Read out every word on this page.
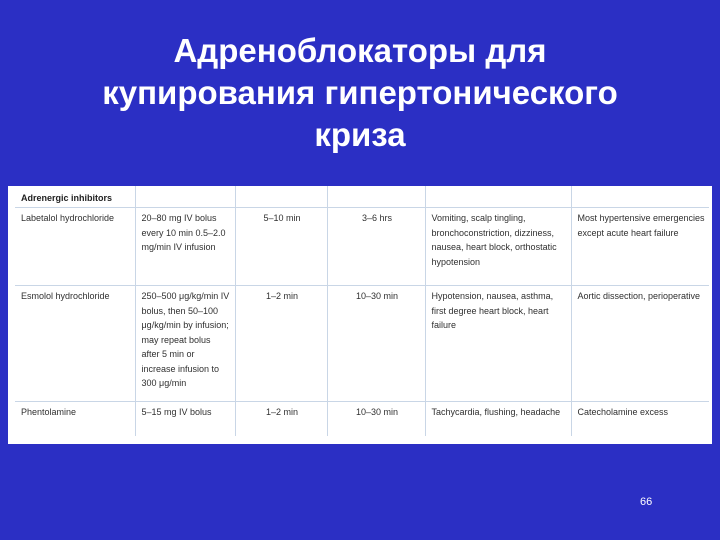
Адреноблокаторы для
купирования гипертонического
криза
Adrenergic inhibitors					
Labetalol hydrochloride	20–80 mg IV bolus every 10 min 0.5–2.0 mg/min IV infusion	5–10 min	3–6 hrs	Vomiting, scalp tingling, bronchoconstriction, dizziness, nausea, heart block, orthostatic hypotension	Most hypertensive emergencies except acute heart failure
Esmolol hydrochloride	250–500 μg/kg/min IV bolus, then 50–100 μg/kg/min by infusion; may repeat bolus after 5 min or increase infusion to 300 μg/min	1–2 min	10–30 min	Hypotension, nausea, asthma, first degree heart block, heart failure	Aortic dissection, perioperative
Phentolamine	5–15 mg IV bolus	1–2 min	10–30 min	Tachycardia, flushing, headache	Catecholamine excess
66
